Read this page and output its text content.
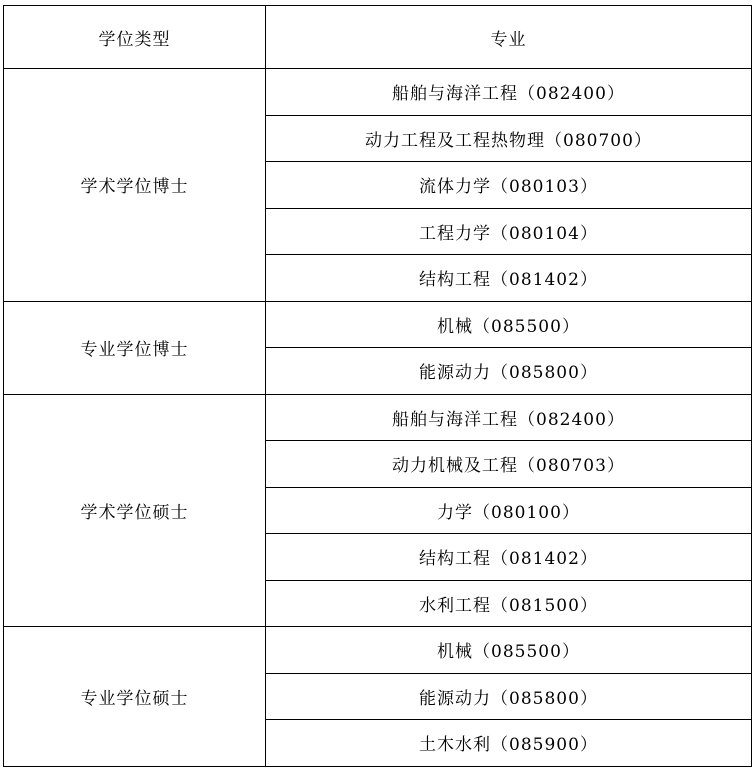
学位类型	专业
学术学位博士	船舶与海洋工程（082400）
	动力工程及工程热物理（080700）
	流体力学（080103）
	工程力学（080104）
	结构工程（081402）
专业学位博士	机械（085500）
	能源动力（085800）
学术学位硕士	船舶与海洋工程（082400）
	动力机械及工程（080703）
	力学（080100）
	结构工程（081402）
	水利工程（081500）
专业学位硕士	机械（085500）
	能源动力（085800）
	土木水利（085900）
